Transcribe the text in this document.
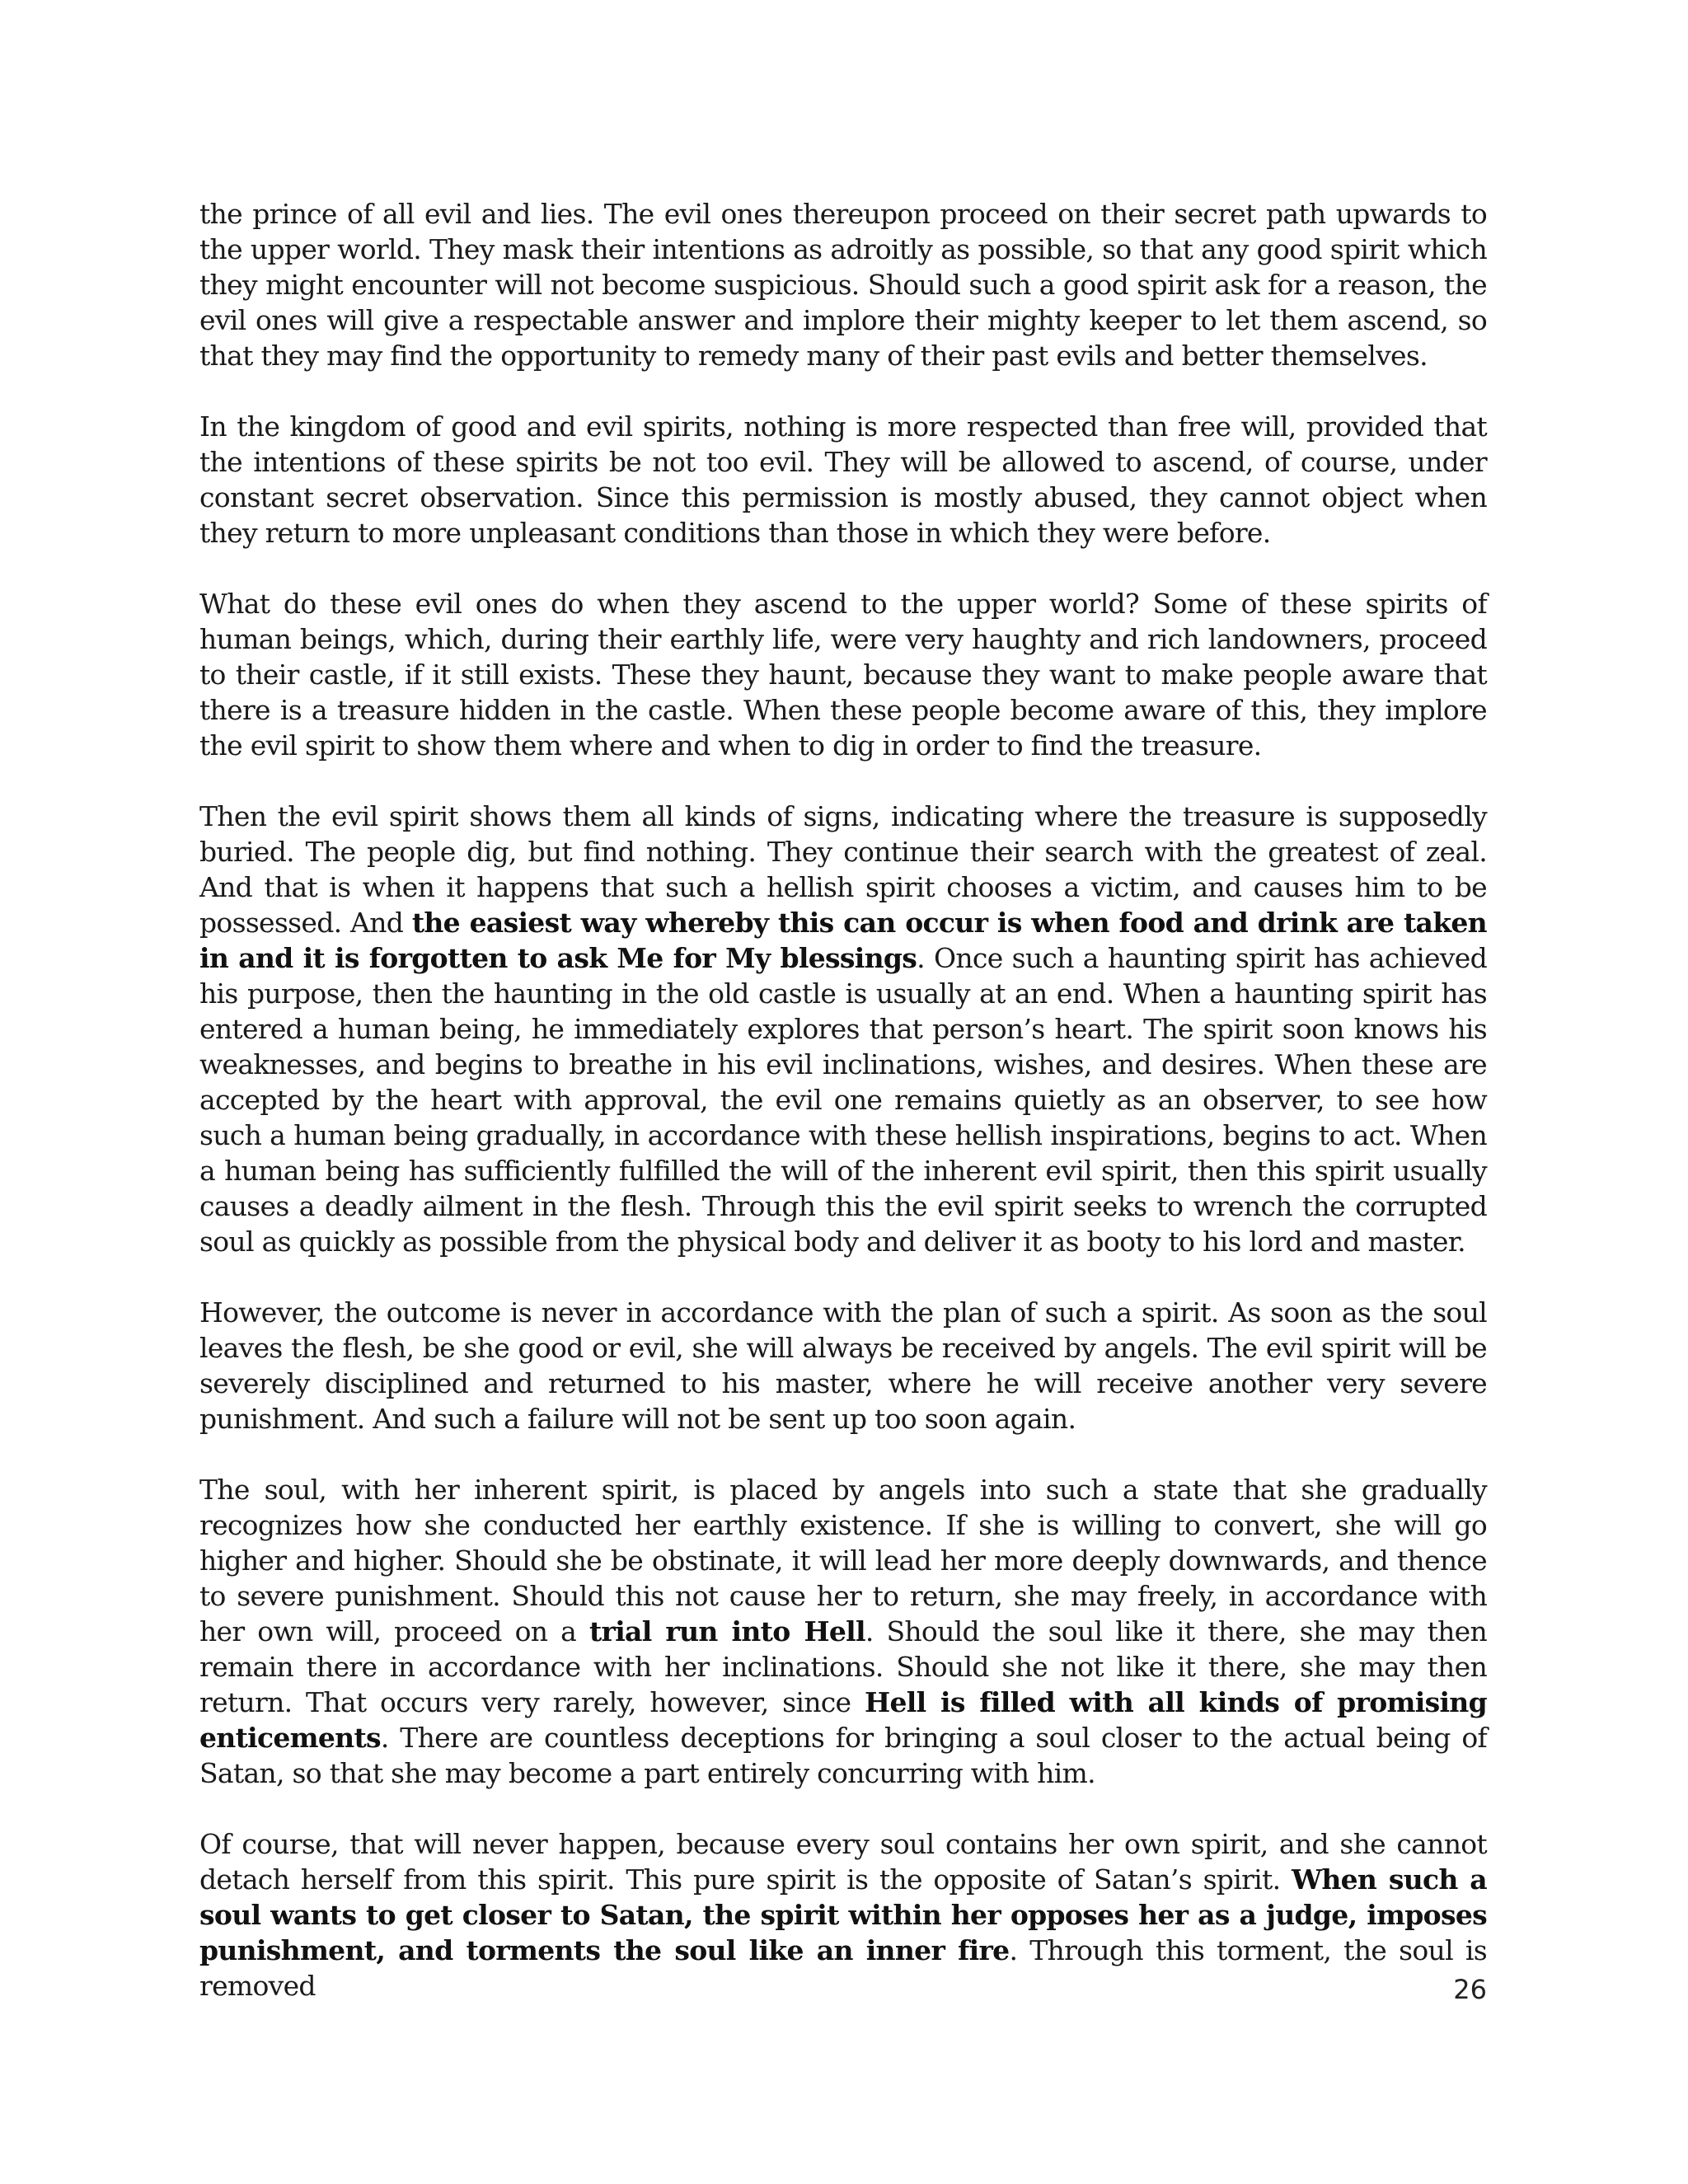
the prince of all evil and lies. The evil ones thereupon proceed on their secret path upwards to the upper world. They mask their intentions as adroitly as possible, so that any good spirit which they might encounter will not become suspicious. Should such a good spirit ask for a reason, the evil ones will give a respectable answer and implore their mighty keeper to let them ascend, so that they may find the opportunity to remedy many of their past evils and better themselves.

In the kingdom of good and evil spirits, nothing is more respected than free will, provided that the intentions of these spirits be not too evil. They will be allowed to ascend, of course, under constant secret observation. Since this permission is mostly abused, they cannot object when they return to more unpleasant conditions than those in which they were before.

What do these evil ones do when they ascend to the upper world? Some of these spirits of human beings, which, during their earthly life, were very haughty and rich landowners, proceed to their castle, if it still exists. These they haunt, because they want to make people aware that there is a treasure hidden in the castle. When these people become aware of this, they implore the evil spirit to show them where and when to dig in order to find the treasure.

Then the evil spirit shows them all kinds of signs, indicating where the treasure is supposedly buried. The people dig, but find nothing. They continue their search with the greatest of zeal. And that is when it happens that such a hellish spirit chooses a victim, and causes him to be possessed. And the easiest way whereby this can occur is when food and drink are taken in and it is forgotten to ask Me for My blessings. Once such a haunting spirit has achieved his purpose, then the haunting in the old castle is usually at an end. When a haunting spirit has entered a human being, he immediately explores that person’s heart. The spirit soon knows his weaknesses, and begins to breathe in his evil inclinations, wishes, and desires. When these are accepted by the heart with approval, the evil one remains quietly as an observer, to see how such a human being gradually, in accordance with these hellish inspirations, begins to act. When a human being has sufficiently fulfilled the will of the inherent evil spirit, then this spirit usually causes a deadly ailment in the flesh. Through this the evil spirit seeks to wrench the corrupted soul as quickly as possible from the physical body and deliver it as booty to his lord and master.

However, the outcome is never in accordance with the plan of such a spirit. As soon as the soul leaves the flesh, be she good or evil, she will always be received by angels. The evil spirit will be severely disciplined and returned to his master, where he will receive another very severe punishment. And such a failure will not be sent up too soon again.

The soul, with her inherent spirit, is placed by angels into such a state that she gradually recognizes how she conducted her earthly existence. If she is willing to convert, she will go higher and higher. Should she be obstinate, it will lead her more deeply downwards, and thence to severe punishment. Should this not cause her to return, she may freely, in accordance with her own will, proceed on a trial run into Hell. Should the soul like it there, she may then remain there in accordance with her inclinations. Should she not like it there, she may then return. That occurs very rarely, however, since Hell is filled with all kinds of promising enticements. There are countless deceptions for bringing a soul closer to the actual being of Satan, so that she may become a part entirely concurring with him.

Of course, that will never happen, because every soul contains her own spirit, and she cannot detach herself from this spirit. This pure spirit is the opposite of Satan’s spirit. When such a soul wants to get closer to Satan, the spirit within her opposes her as a judge, imposes punishment, and torments the soul like an inner fire. Through this torment, the soul is removed	26
